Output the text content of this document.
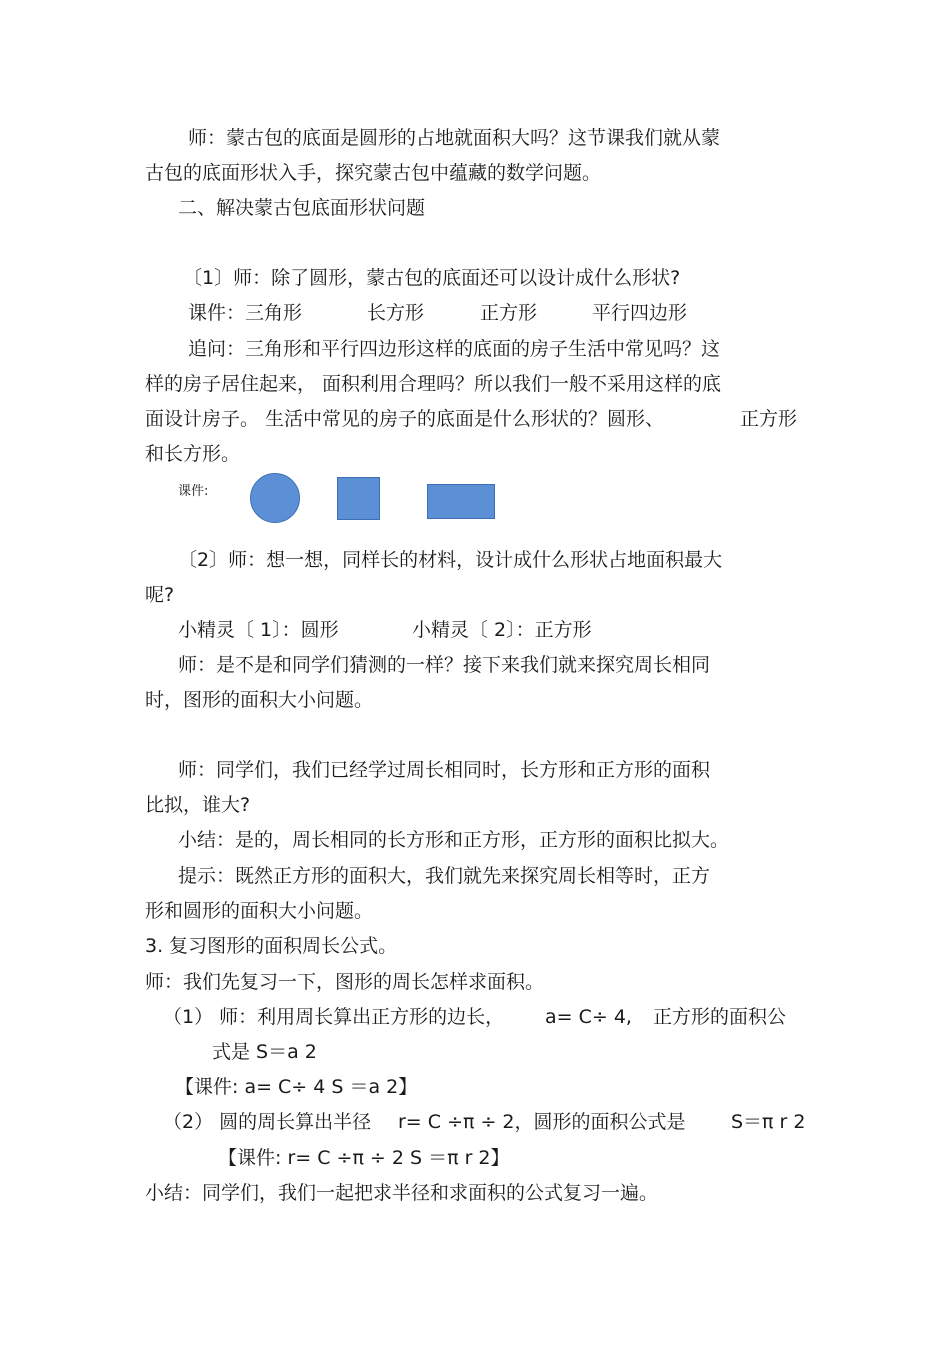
师：蒙古包的底面是圆形的占地就面积大吗？这节课我们就从蒙
古包的底面形状入手，探究蒙古包中蕴藏的数学问题。
二、解决蒙古包底面形状问题
〔1〕师：除了圆形，蒙古包的底面还可以设计成什么形状?
课件：三角形	长方形	正方形	平行四边形
追问：三角形和平行四边形这样的底面的房子生活中常见吗？这
样的房子居住起来， 面积利用合理吗？所以我们一般不采用这样的底
面设计房子。 生活中常见的房子的底面是什么形状的？圆形、	正方形
和长方形。
课件:
〔2〕师：想一想，同样长的材料，设计成什么形状占地面积最大
呢?
小精灵〔 1〕：圆形	小精灵〔 2〕：正方形
师：是不是和同学们猜测的一样？接下来我们就来探究周长相同
时，图形的面积大小问题。
师：同学们，我们已经学过周长相同时，长方形和正方形的面积
比拟，谁大?
小结：是的，周长相同的长方形和正方形，正方形的面积比拟大。
提示：既然正方形的面积大，我们就先来探究周长相等时，正方
形和圆形的面积大小问题。
3. 复习图形的面积周长公式。
师：我们先复习一下，图形的周长怎样求面积。
（1） 师：利用周长算出正方形的边长， a= C÷ 4, 正方形的面积公
式是 S＝a 2
【课件: a= C÷ 4 S ＝a 2】
（2） 圆的周长算出半径 r= C ÷π ÷ 2，圆形的面积公式是 S＝π r 2
【课件: r= C ÷π ÷ 2 S ＝π r 2】
小结：同学们，我们一起把求半径和求面积的公式复习一遍。
